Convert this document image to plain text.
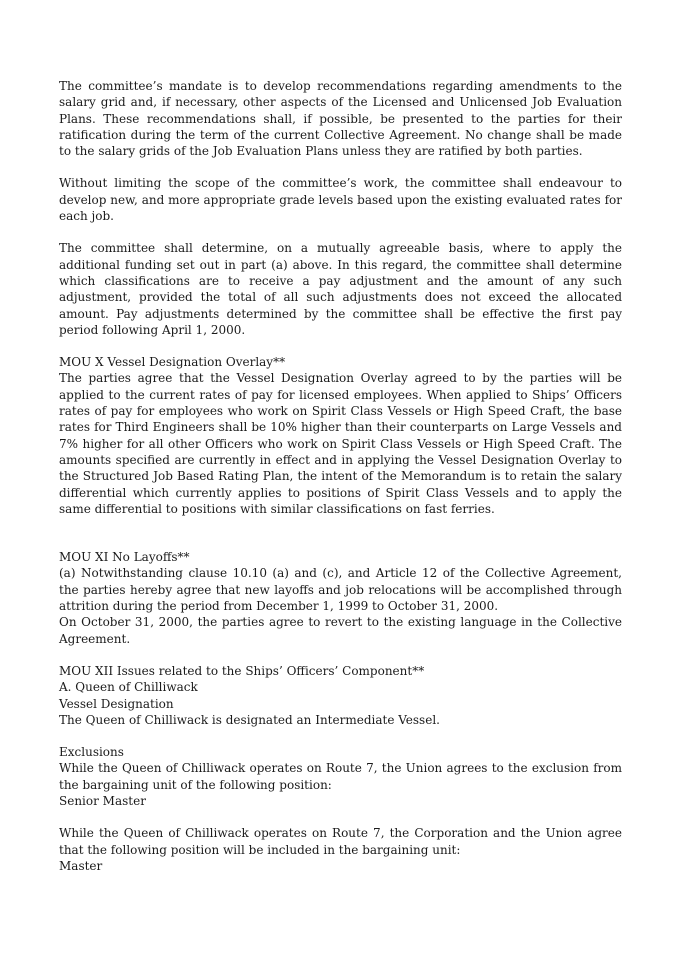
The committee’s mandate is to develop recommendations regarding amendments to the salary grid and, if necessary, other aspects of the Licensed and Unlicensed Job Evaluation Plans. These recommendations shall, if possible, be presented to the parties for their ratification during the term of the current Collective Agreement. No change shall be made to the salary grids of the Job Evaluation Plans unless they are ratified by both parties.

Without limiting the scope of the committee’s work, the committee shall endeavour to develop new, and more appropriate grade levels based upon the existing evaluated rates for each job.

The committee shall determine, on a mutually agreeable basis, where to apply the additional funding set out in part (a) above. In this regard, the committee shall determine which classifications are to receive a pay adjustment and the amount of any such adjustment, provided the total of all such adjustments does not exceed the allocated amount. Pay adjustments determined by the committee shall be effective the first pay period following April 1, 2000.

MOU X Vessel Designation Overlay**

The parties agree that the Vessel Designation Overlay agreed to by the parties will be applied to the current rates of pay for licensed employees. When applied to Ships’ Officers rates of pay for employees who work on Spirit Class Vessels or High Speed Craft, the base rates for Third Engineers shall be 10% higher than their counterparts on Large Vessels and 7% higher for all other Officers who work on Spirit Class Vessels or High Speed Craft. The amounts specified are currently in effect and in applying the Vessel Designation Overlay to the Structured Job Based Rating Plan, the intent of the Memorandum is to retain the salary differential which currently applies to positions of Spirit Class Vessels and to apply the same differential to positions with similar classifications on fast ferries.

MOU XI No Layoffs**

(a) Notwithstanding clause 10.10 (a) and (c), and Article 12 of the Collective Agreement, the parties hereby agree that new layoffs and job relocations will be accomplished through attrition during the period from December 1, 1999 to October 31, 2000.

On October 31, 2000, the parties agree to revert to the existing language in the Collective Agreement.

MOU XII Issues related to the Ships’ Officers’ Component**
A. Queen of Chilliwack
Vessel Designation
The Queen of Chilliwack is designated an Intermediate Vessel.
Exclusions

While the Queen of Chilliwack operates on Route 7, the Union agrees to the exclusion from the bargaining unit of the following position:

Senior Master

While the Queen of Chilliwack operates on Route 7, the Corporation and the Union agree that the following position will be included in the bargaining unit:

Master
